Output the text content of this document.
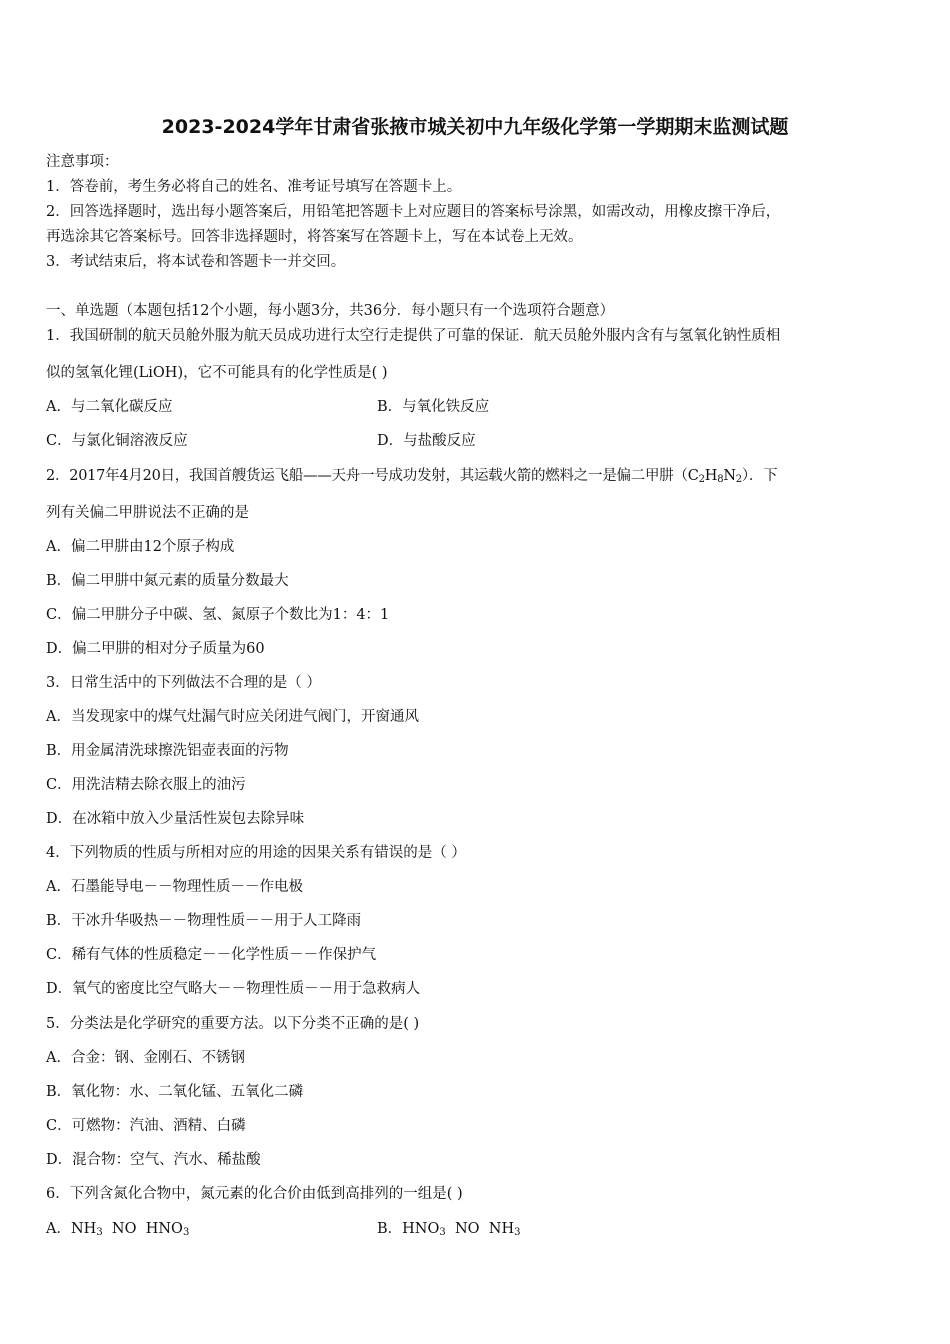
2023-2024学年甘肃省张掖市城关初中九年级化学第一学期期末监测试题
注意事项：
1．答卷前，考生务必将自己的姓名、准考证号填写在答题卡上。
2．回答选择题时，选出每小题答案后，用铅笔把答题卡上对应题目的答案标号涂黑，如需改动，用橡皮擦干净后，
再选涂其它答案标号。回答非选择题时，将答案写在答题卡上，写在本试卷上无效。
3．考试结束后，将本试卷和答题卡一并交回。
一、单选题（本题包括12个小题，每小题3分，共36分．每小题只有一个选项符合题意）
1．我国研制的航天员舱外服为航天员成功进行太空行走提供了可靠的保证．航天员舱外服内含有与氢氧化钠性质相
似的氢氧化锂(LiOH)，它不可能具有的化学性质是( )
A．与二氧化碳反应	B．与氧化铁反应
C．与氯化铜溶液反应	D．与盐酸反应
2．2017年4月20日，我国首艘货运飞船——天舟一号成功发射，其运载火箭的燃料之一是偏二甲肼$(C_2H_8N_2)$．下
列有关偏二甲肼说法不正确的是
A．偏二甲肼由12个原子构成
B．偏二甲肼中氮元素的质量分数最大
C．偏二甲肼分子中碳、氢、氮原子个数比为1：4：1
D．偏二甲肼的相对分子质量为60
3．日常生活中的下列做法不合理的是（ ）
A．当发现家中的煤气灶漏气时应关闭进气阀门，开窗通风
B．用金属清洗球擦洗铝壶表面的污物
C．用洗洁精去除衣服上的油污
D．在冰箱中放入少量活性炭包去除异味
4．下列物质的性质与所相对应的用途的因果关系有错误的是（ ）
A．石墨能导电－－物理性质－－作电极
B．干冰升华吸热－－物理性质－－用于人工降雨
C．稀有气体的性质稳定－－化学性质－－作保护气
D．氧气的密度比空气略大－－物理性质－－用于急救病人
5．分类法是化学研究的重要方法。以下分类不正确的是( )
A．合金：钢、金刚石、不锈钢
B．氧化物：水、二氧化锰、五氧化二磷
C．可燃物：汽油、酒精、白磷
D．混合物：空气、汽水、稀盐酸
6．下列含氮化合物中，氮元素的化合价由低到高排列的一组是( )
A．$NH_3$  NO  $HNO_3$	B．$HNO_3$  NO  $NH_3$
